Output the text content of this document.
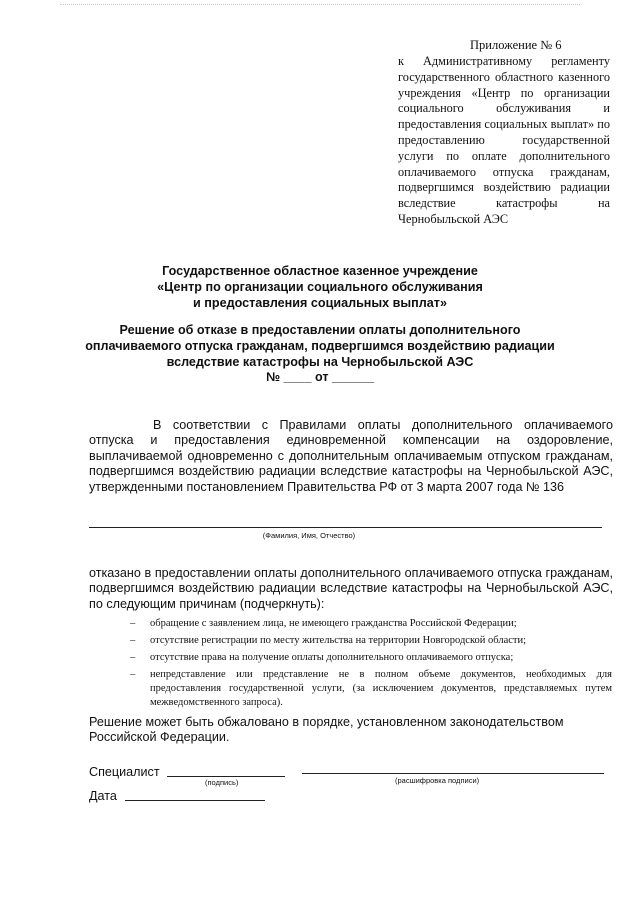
Приложение № 6
к Административному регламенту государственного областного казенного учреждения «Центр по организации социального обслуживания и предоставления социальных выплат» по предоставлению государственной услуги по оплате дополнительного оплачиваемого отпуска гражданам, подвергшимся воздействию радиации вследствие катастрофы на Чернобыльской АЭС
Государственное областное казенное учреждение
«Центр по организации социального обслуживания
и предоставления социальных выплат»
Решение об отказе в предоставлении оплаты дополнительного оплачиваемого отпуска гражданам, подвергшимся воздействию радиации вследствие катастрофы на Чернобыльской АЭС
№ ____ от ______
В соответствии с Правилами оплаты дополнительного оплачиваемого отпуска и предоставления единовременной компенсации на оздоровление, выплачиваемой одновременно с дополнительным оплачиваемым отпуском гражданам, подвергшимся воздействию радиации вследствие катастрофы на Чернобыльской АЭС, утвержденными постановлением Правительства РФ от 3 марта 2007 года № 136
(Фамилия, Имя, Отчество)
отказано в предоставлении оплаты дополнительного оплачиваемого отпуска гражданам, подвергшимся воздействию радиации вследствие катастрофы на Чернобыльской АЭС, по следующим причинам (подчеркнуть):
– обращение с заявлением лица, не имеющего гражданства Российской Федерации;
– отсутствие регистрации по месту жительства на территории Новгородской области;
– отсутствие права на получение оплаты дополнительного оплачиваемого отпуска;
– непредставление или представление не в полном объеме документов, необходимых для предоставления государственной услуги, (за исключением документов, представляемых путем межведомственного запроса).
Решение может быть обжаловано в порядке, установленном законодательством Российской Федерации.
Специалист
(подпись)	(расшифровка подписи)
Дата
